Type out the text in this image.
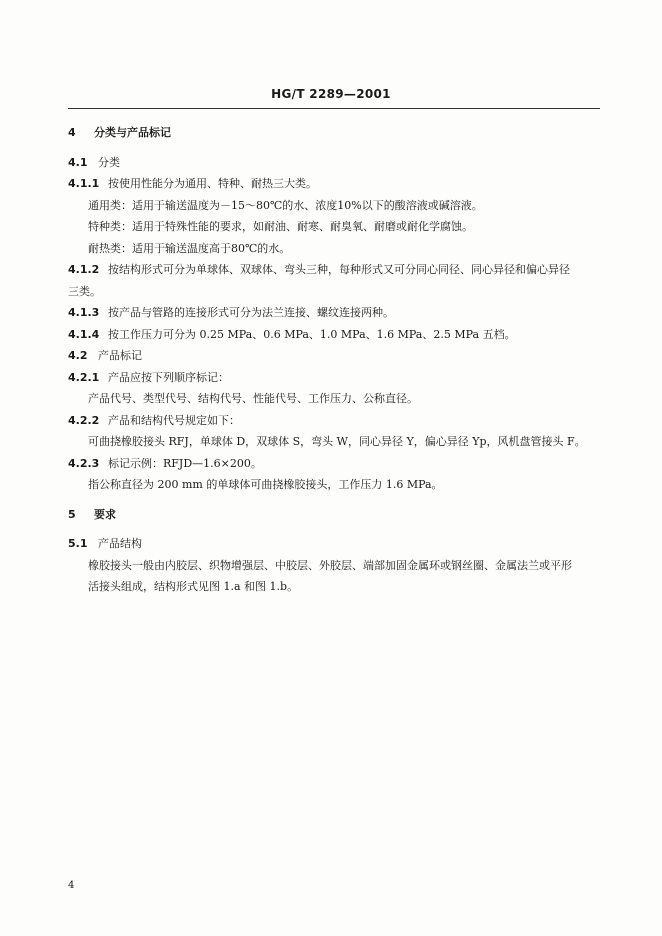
HG/T 2289—2001

4 分类与产品标记

4.1 分类

4.1.1 按使用性能分为通用、特种、耐热三大类。

通用类：适用于输送温度为－15～80℃的水、浓度10%以下的酸溶液或碱溶液。

特种类：适用于特殊性能的要求，如耐油、耐寒、耐臭氧、耐磨或耐化学腐蚀。

耐热类：适用于输送温度高于80℃的水。

4.1.2 按结构形式可分为单球体、双球体、弯头三种，每种形式又可分同心同径、同心异径和偏心异径

三类。

4.1.3 按产品与管路的连接形式可分为法兰连接、螺纹连接两种。

4.1.4 按工作压力可分为 0.25 MPa、0.6 MPa、1.0 MPa、1.6 MPa、2.5 MPa 五档。

4.2 产品标记

4.2.1 产品应按下列顺序标记：

产品代号、类型代号、结构代号、性能代号、工作压力、公称直径。

4.2.2 产品和结构代号规定如下：

可曲挠橡胶接头 RFJ，单球体 D，双球体 S，弯头 W，同心异径 Y，偏心异径 Yp，风机盘管接头 F。

4.2.3 标记示例：RFJD—1.6×200。

指公称直径为 200 mm 的单球体可曲挠橡胶接头，工作压力 1.6 MPa。

5 要求

5.1 产品结构

橡胶接头一般由内胶层、织物增强层、中胶层、外胶层、端部加固金属环或钢丝圈、金属法兰或平形

活接头组成，结构形式见图 1.a 和图 1.b。

4
